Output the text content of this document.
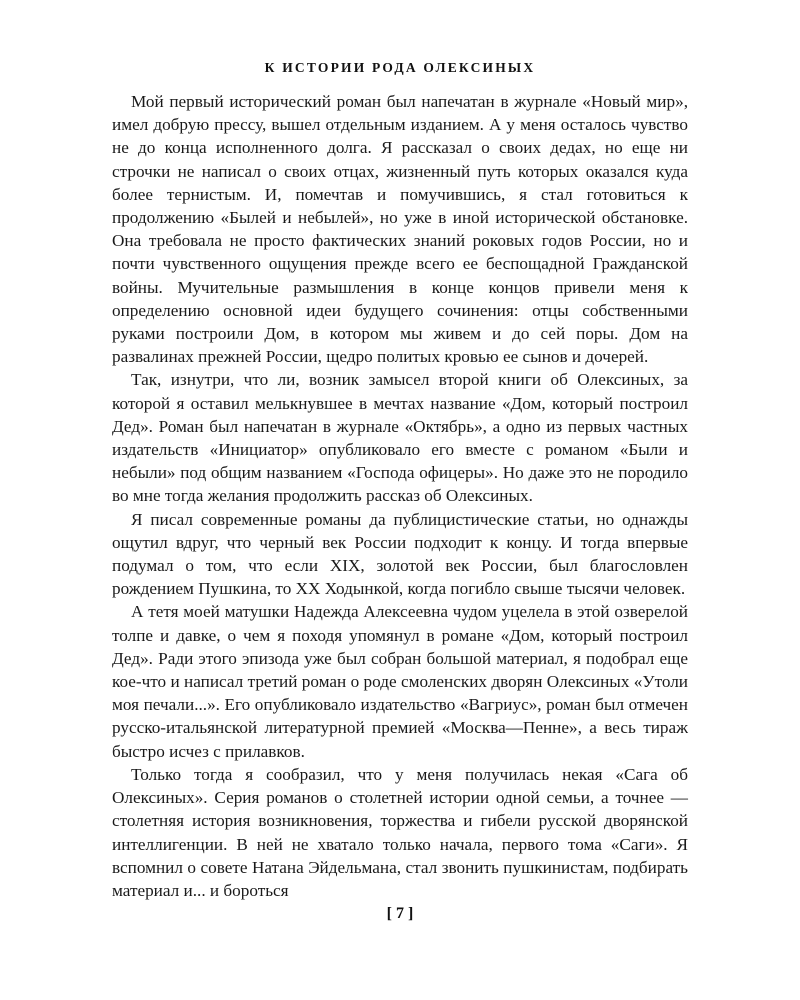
К ИСТОРИИ РОДА ОЛЕКСИНЫХ

Мой первый исторический роман был напечатан в журнале «Новый мир», имел добрую прессу, вышел отдельным изданием. А у меня осталось чувство не до конца исполненного долга. Я рассказал о своих дедах, но еще ни строчки не написал о своих отцах, жизненный путь которых оказался куда более тернистым. И, помечтав и помучившись, я стал готовиться к продолжению «Былей и небылей», но уже в иной исторической обстановке. Она требовала не просто фактических знаний роковых годов России, но и почти чувственного ощущения прежде всего ее беспощадной Гражданской войны. Мучительные размышления в конце концов привели меня к определению основной идеи будущего сочинения: отцы собственными руками построили Дом, в котором мы живем и до сей поры. Дом на развалинах прежней России, щедро политых кровью ее сынов и дочерей.

Так, изнутри, что ли, возник замысел второй книги об Олексиных, за которой я оставил мелькнувшее в мечтах название «Дом, который построил Дед». Роман был напечатан в журнале «Октябрь», а одно из первых частных издательств «Инициатор» опубликовало его вместе с романом «Были и небыли» под общим названием «Господа офицеры». Но даже это не породило во мне тогда желания продолжить рассказ об Олексиных.

Я писал современные романы да публицистические статьи, но однажды ощутил вдруг, что черный век России подходит к концу. И тогда впервые подумал о том, что если XIX, золотой век России, был благословлен рождением Пушкина, то XX Ходынкой, когда погибло свыше тысячи человек.

А тетя моей матушки Надежда Алексеевна чудом уцелела в этой озверелой толпе и давке, о чем я походя упомянул в романе «Дом, который построил Дед». Ради этого эпизода уже был собран большой материал, я подобрал еще кое-что и написал третий роман о роде смоленских дворян Олексиных «Утоли моя печали...». Его опубликовало издательство «Вагриус», роман был отмечен русско-итальянской литературной премией «Москва—Пенне», а весь тираж быстро исчез с прилавков.

Только тогда я сообразил, что у меня получилась некая «Сага об Олексиных». Серия романов о столетней истории одной семьи, а точнее — столетняя история возникновения, торжества и гибели русской дворянской интеллигенции. В ней не хватало только начала, первого тома «Саги». Я вспомнил о совете Натана Эйдельмана, стал звонить пушкинистам, подбирать материал и... и бороться

[ 7 ]
